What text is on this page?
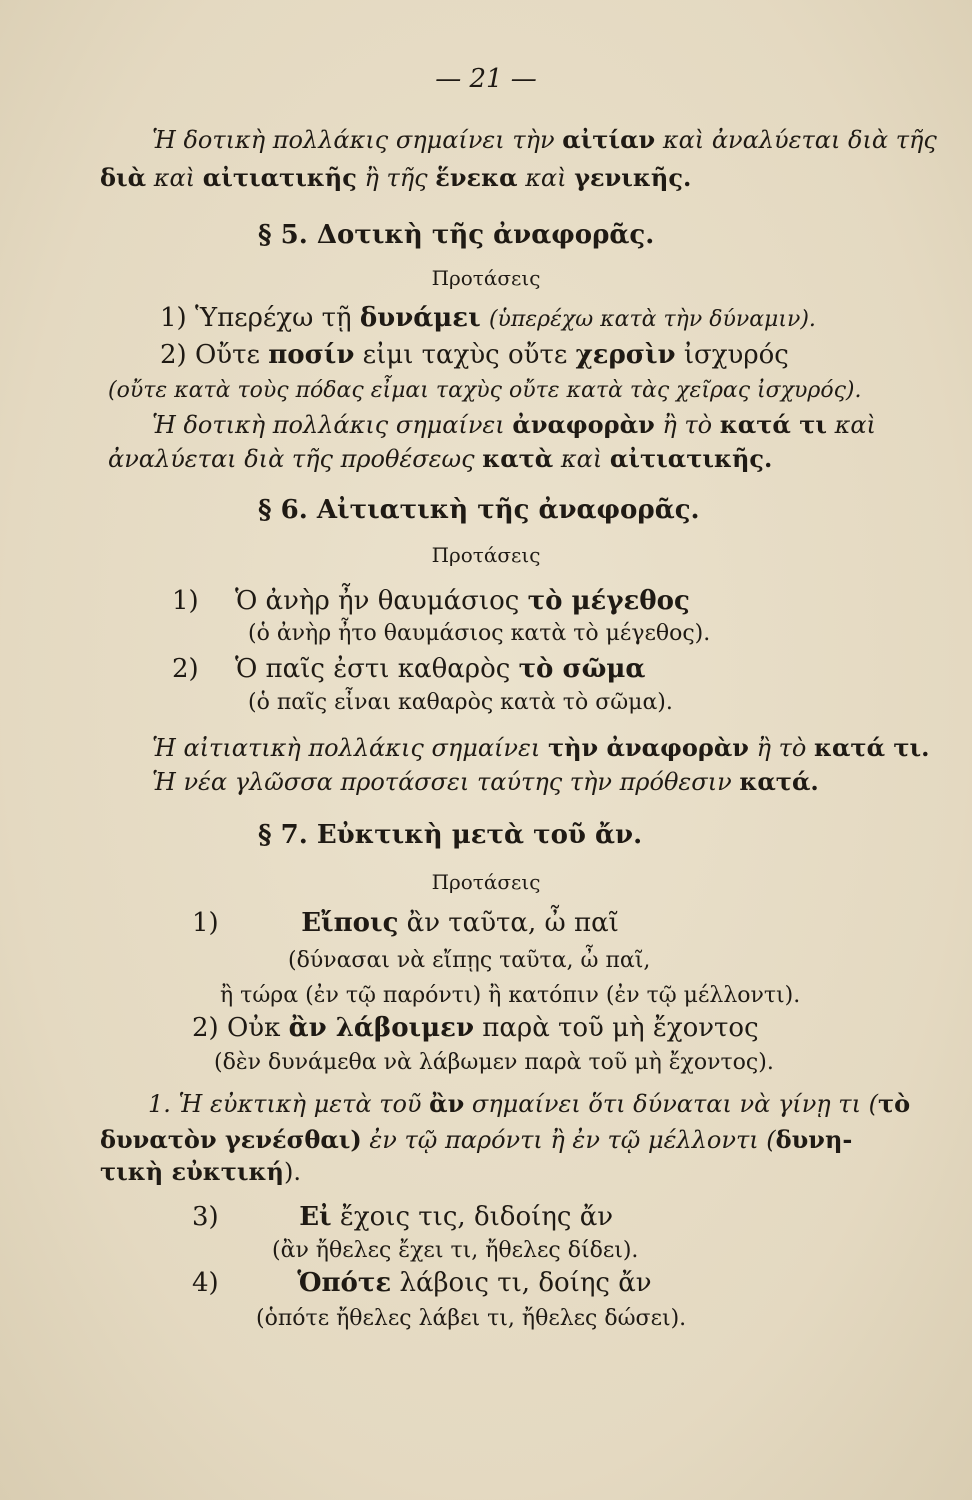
— 21 —
Ἡ δοτικὴ πολλάκις σημαίνει τὴν αἰτίαν καὶ ἀναλύεται διὰ τῆς
διὰ καὶ αἰτιατικῆς ἢ τῆς ἕνεκα καὶ γενικῆς.
§ 5. Δοτικὴ τῆς ἀναφορᾶς.
Προτάσεις
1) Ὑπερέχω τῇ δυνάμει (ὑπερέχω κατὰ τὴν δύναμιν).
2) Οὔτε ποσίν εἰμι ταχὺς οὔτε χερσὶν ἰσχυρός
(οὔτε κατὰ τοὺς πόδας εἶμαι ταχὺς οὔτε κατὰ τὰς χεῖρας ἰσχυρός).
Ἡ δοτικὴ πολλάκις σημαίνει ἀναφορὰν ἢ τὸ κατά τι καὶ
ἀναλύεται διὰ τῆς προθέσεως κατὰ καὶ αἰτιατικῆς.
§ 6. Αἰτιατικὴ τῆς ἀναφορᾶς.
Προτάσεις
1) Ὁ ἀνὴρ ἦν θαυμάσιος τὸ μέγεθος
(ὁ ἀνὴρ ἦτο θαυμάσιος κατὰ τὸ μέγεθος).
2) Ὁ παῖς ἐστι καθαρὸς τὸ σῶμα
(ὁ παῖς εἶναι καθαρὸς κατὰ τὸ σῶμα).
Ἡ αἰτιατικὴ πολλάκις σημαίνει τὴν ἀναφορὰν ἢ τὸ κατά τι.
Ἡ νέα γλῶσσα προτάσσει ταύτης τὴν πρόθεσιν κατά.
§ 7. Εὐκτικὴ μετὰ τοῦ ἄν.
Προτάσεις
1)	Εἴποις ἂν ταῦτα, ὦ παῖ
(δύνασαι νὰ εἴπῃς ταῦτα, ὦ παῖ,
ἢ τώρα (ἐν τῷ παρόντι) ἢ κατόπιν (ἐν τῷ μέλλοντι).
2) Οὐκ ἂν λάβοιμεν παρὰ τοῦ μὴ ἔχοντος
(δὲν δυνάμεθα νὰ λάβωμεν παρὰ τοῦ μὴ ἔχοντος).
1. Ἡ εὐκτικὴ μετὰ τοῦ ἂν σημαίνει ὅτι δύναται νὰ γίνῃ τι (τὸ
δυνατὸν γενέσθαι) ἐν τῷ παρόντι ἢ ἐν τῷ μέλλοντι (δυνη-
τικὴ εὐκτική).
3)	Εἰ ἔχοις τις, διδοίης ἄν
(ἂν ἤθελες ἔχει τι, ἤθελες δίδει).
4)	Ὁπότε λάβοις τι, δοίης ἄν
(ὁπότε ἤθελες λάβει τι, ἤθελες δώσει).
